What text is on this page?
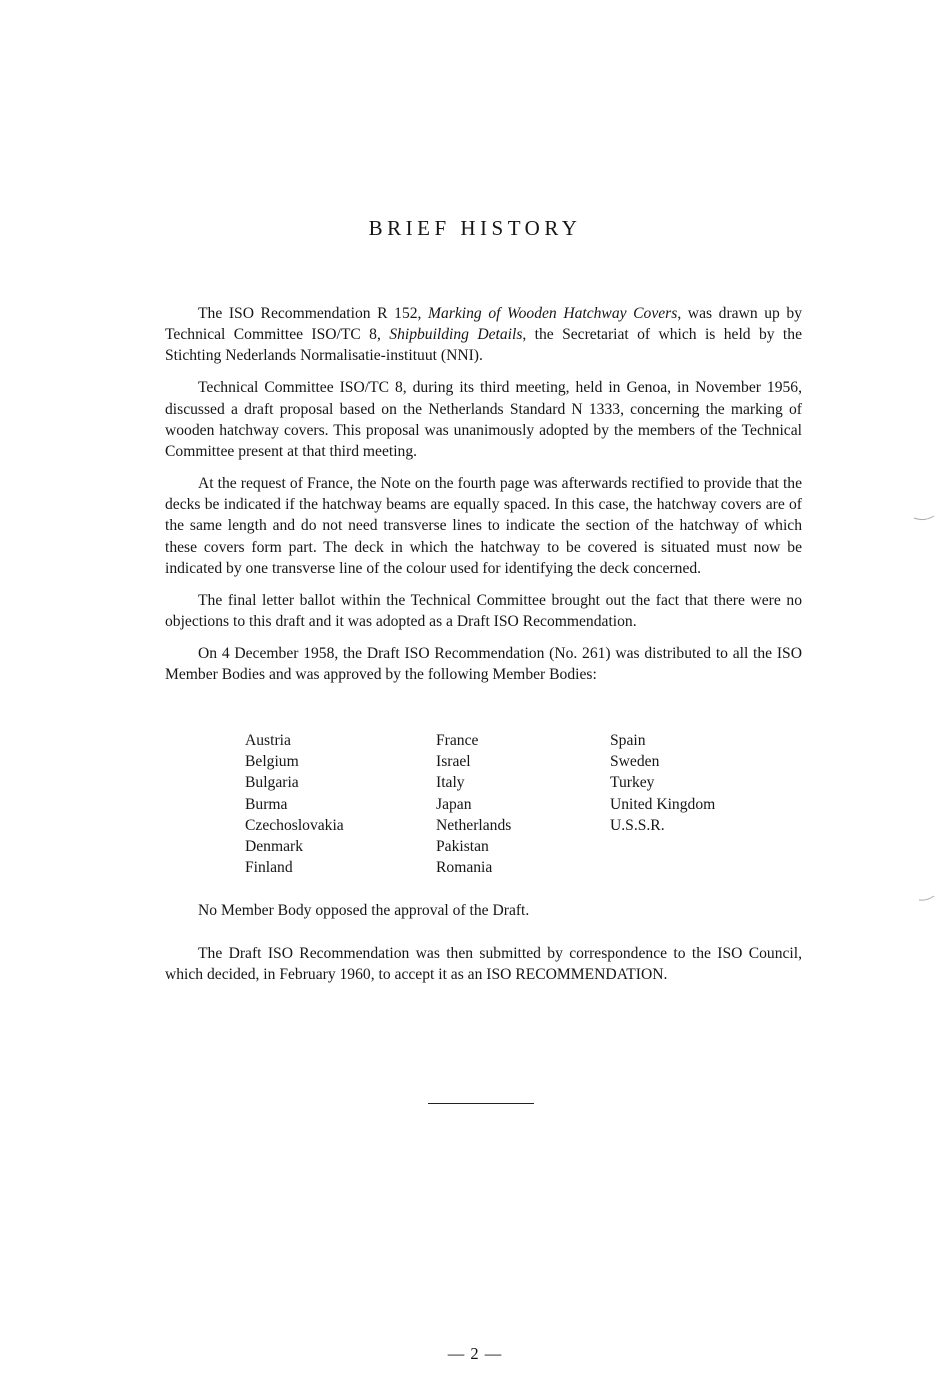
BRIEF HISTORY

The ISO Recommendation R 152, Marking of Wooden Hatchway Covers, was drawn up by Technical Committee ISO/TC 8, Shipbuilding Details, the Secretariat of which is held by the Stichting Nederlands Normalisatie-instituut (NNI).

Technical Committee ISO/TC 8, during its third meeting, held in Genoa, in November 1956, discussed a draft proposal based on the Netherlands Standard N 1333, concerning the marking of wooden hatchway covers. This proposal was unanimously adopted by the members of the Technical Committee present at that third meeting.

At the request of France, the Note on the fourth page was afterwards rectified to provide that the decks be indicated if the hatchway beams are equally spaced. In this case, the hatchway covers are of the same length and do not need transverse lines to indicate the section of the hatchway of which these covers form part. The deck in which the hatchway to be covered is situated must now be indicated by one transverse line of the colour used for identifying the deck concerned.

The final letter ballot within the Technical Committee brought out the fact that there were no objections to this draft and it was adopted as a Draft ISO Recommendation.

On 4 December 1958, the Draft ISO Recommendation (No. 261) was distributed to all the ISO Member Bodies and was approved by the following Member Bodies:

Austria
Belgium
Bulgaria
Burma
Czechoslovakia
Denmark
Finland
France
Israel
Italy
Japan
Netherlands
Pakistan
Romania
Spain
Sweden
Turkey
United Kingdom
U.S.S.R.
No Member Body opposed the approval of the Draft.
The Draft ISO Recommendation was then submitted by correspondence to the ISO Council, which decided, in February 1960, to accept it as an ISO RECOMMENDATION.
— 2 —
